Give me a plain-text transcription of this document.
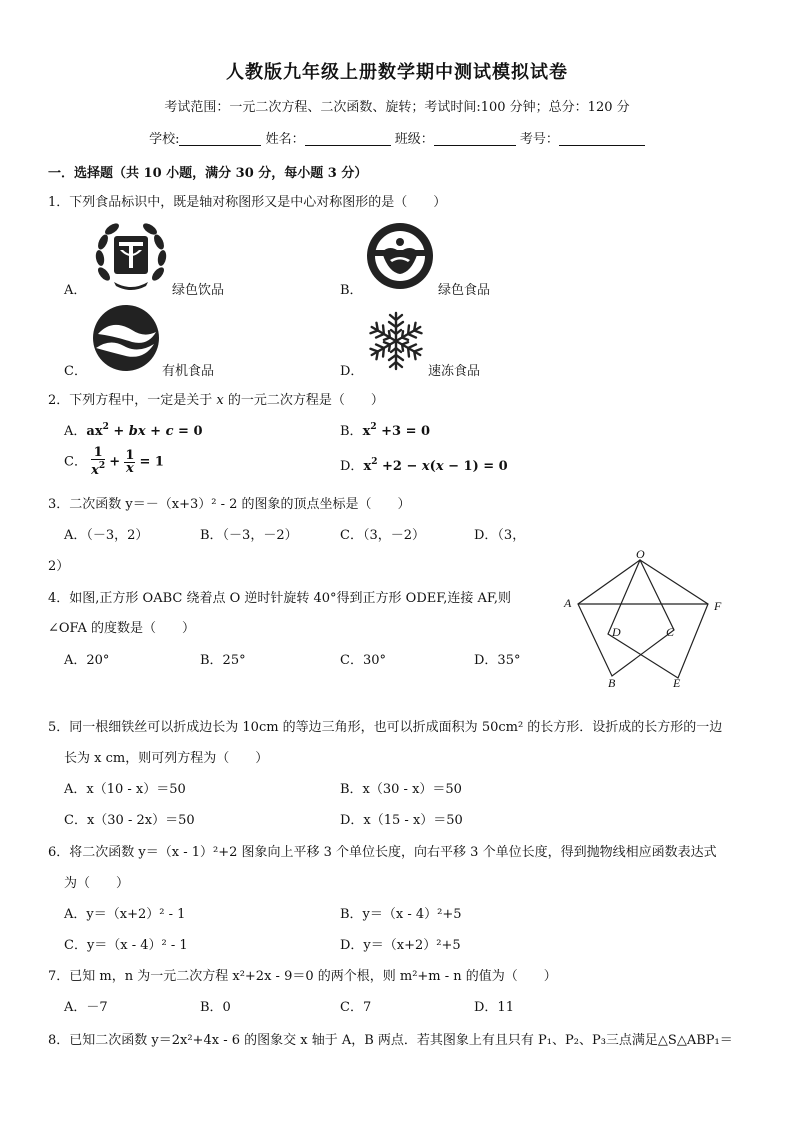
人教版九年级上册数学期中测试模拟试卷
考试范围：一元二次方程、二次函数、旋转；考试时间:100 分钟；总分：120 分
学校:	姓名：	班级：	考号：
一．选择题（共 10 小题，满分 30 分，每小题 3 分）
1．下列食品标识中，既是轴对称图形又是中心对称图形的是（　　）
A．	绿色饮品	B．	绿色食品
C．	有机食品	D．	速冻食品
2．下列方程中，一定是关于 x 的一元二次方程是（　　）
A．$ax^2$ + bx + c = 0	B．$x^2 +3 = 0$
C． $\frac{1}{x^2} + \frac{1}{x} = 1$	D．$x^2 +2 - x(x - 1) = 0$
3．二次函数 y＝－（x+3）² - 2 的图象的顶点坐标是（　　）
A．（－3，2）	B．（－3，－2）	C．（3，－2）	D．（3，
2）
4．如图,正方形 OABC 绕着点 O 逆时针旋转 40°得到正方形 ODEF,连接 AF,则
∠OFA 的度数是（　　）
A．20°	B．25°	C．30°	D．35°
O
A	F
D	C
B	E
5．同一根细铁丝可以折成边长为 10cm 的等边三角形，也可以折成面积为 50cm² 的长方形．设折成的长方形的一边
长为 x cm，则可列方程为（　　）
A．x（10 - x）＝50	B．x（30 - x）＝50
C．x（30 - 2x）＝50	D．x（15 - x）＝50
6．将二次函数 y＝（x - 1）²+2 图象向上平移 3 个单位长度，向右平移 3 个单位长度，得到抛物线相应函数表达式
为（　　）
A．y＝（x+2）² - 1	B．y＝（x - 4）²+5
C．y＝（x - 4）² - 1	D．y＝（x+2）²+5
7．已知 m，n 为一元二次方程 x²+2x - 9＝0 的两个根，则 m²+m - n 的值为（　　）
A．－7	B．0	C．7	D．11
8．已知二次函数 y＝2x²+4x - 6 的图象交 x 轴于 A，B 两点．若其图象上有且只有 P₁、P₂、P₃三点满足△S△ABP₁＝
